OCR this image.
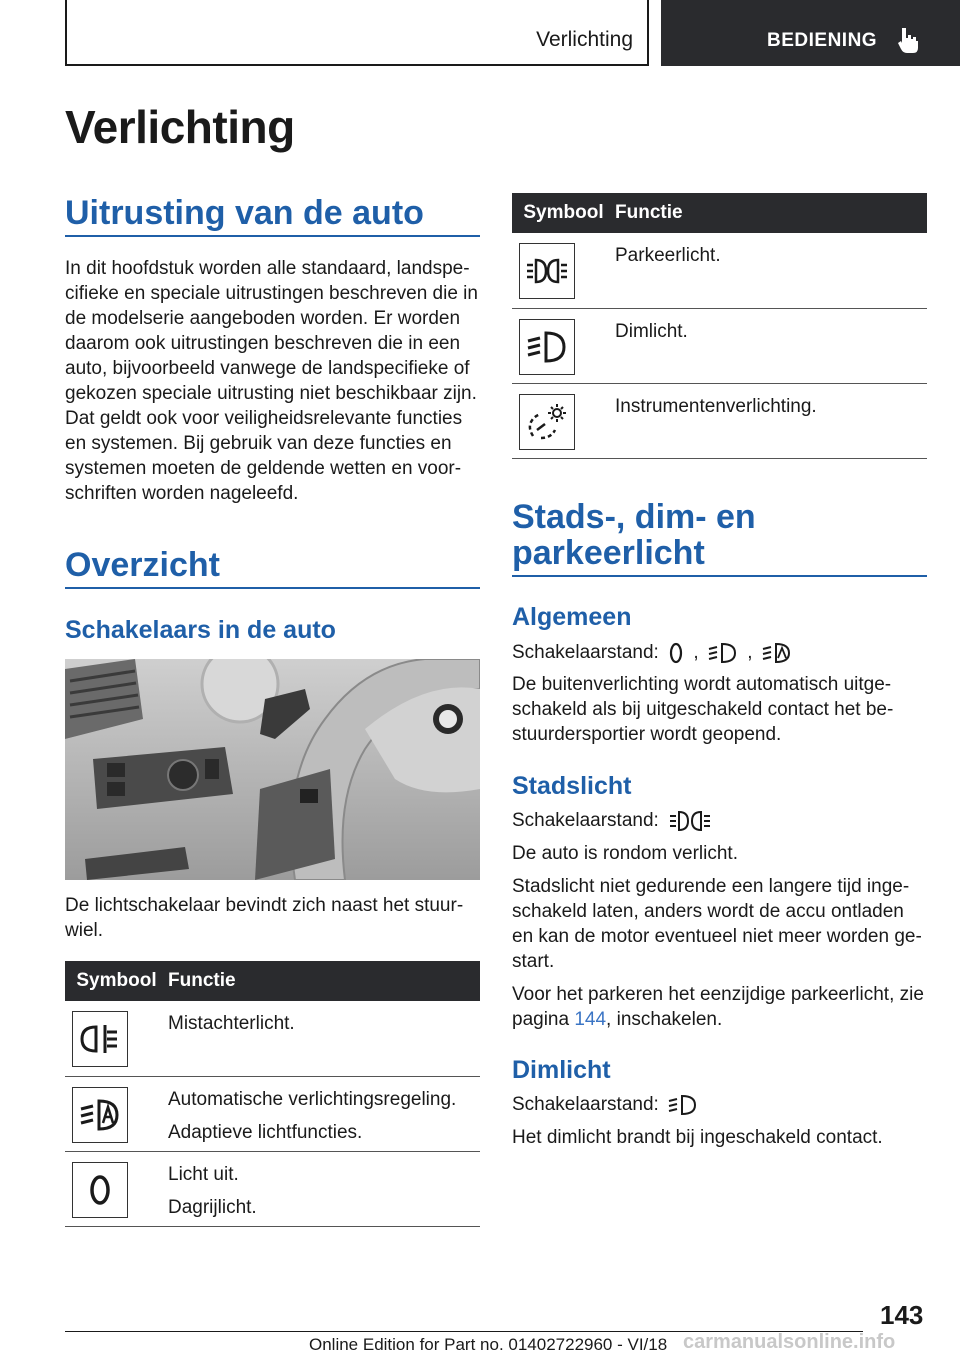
Verlichting	BEDIENING
Verlichting
Uitrusting van de auto
In dit hoofdstuk worden alle standaard, landspe-
cifieke en speciale uitrustingen beschreven die in
de modelserie aangeboden worden. Er worden
daarom ook uitrustingen beschreven die in een
auto, bijvoorbeeld vanwege de landspecifieke of
gekozen speciale uitrusting niet beschikbaar zijn.
Dat geldt ook voor veiligheidsrelevante functies
en systemen. Bij gebruik van deze functies en
systemen moeten de geldende wetten en voor-
schriften worden nageleefd.
Overzicht
Schakelaars in de auto
De lichtschakelaar bevindt zich naast het stuur-
wiel.
Symbool	Functie

Mistachterlicht.

Automatische verlichtingsregeling.
Adaptieve lichtfuncties.

Licht uit.
Dagrijlicht.
Symbool	Functie

Parkeerlicht.

Dimlicht.

Instrumentenverlichting.
Stads-, dim- en
parkeerlicht
Algemeen
Schakelaarstand: ,	,
De buitenverlichting wordt automatisch uitge-
schakeld als bij uitgeschakeld contact het be-
stuurdersportier wordt geopend.
Stadslicht
Schakelaarstand:
De auto is rondom verlicht.
Stadslicht niet gedurende een langere tijd inge-
schakeld laten, anders wordt de accu ontladen
en kan de motor eventueel niet meer worden ge-
start.
Voor het parkeren het eenzijdige parkeerlicht, zie
pagina 144, inschakelen.
Dimlicht
Schakelaarstand:
Het dimlicht brandt bij ingeschakeld contact.
143
carmanualsonline.info
Online Edition for Part no. 01402722960 - VI/18
